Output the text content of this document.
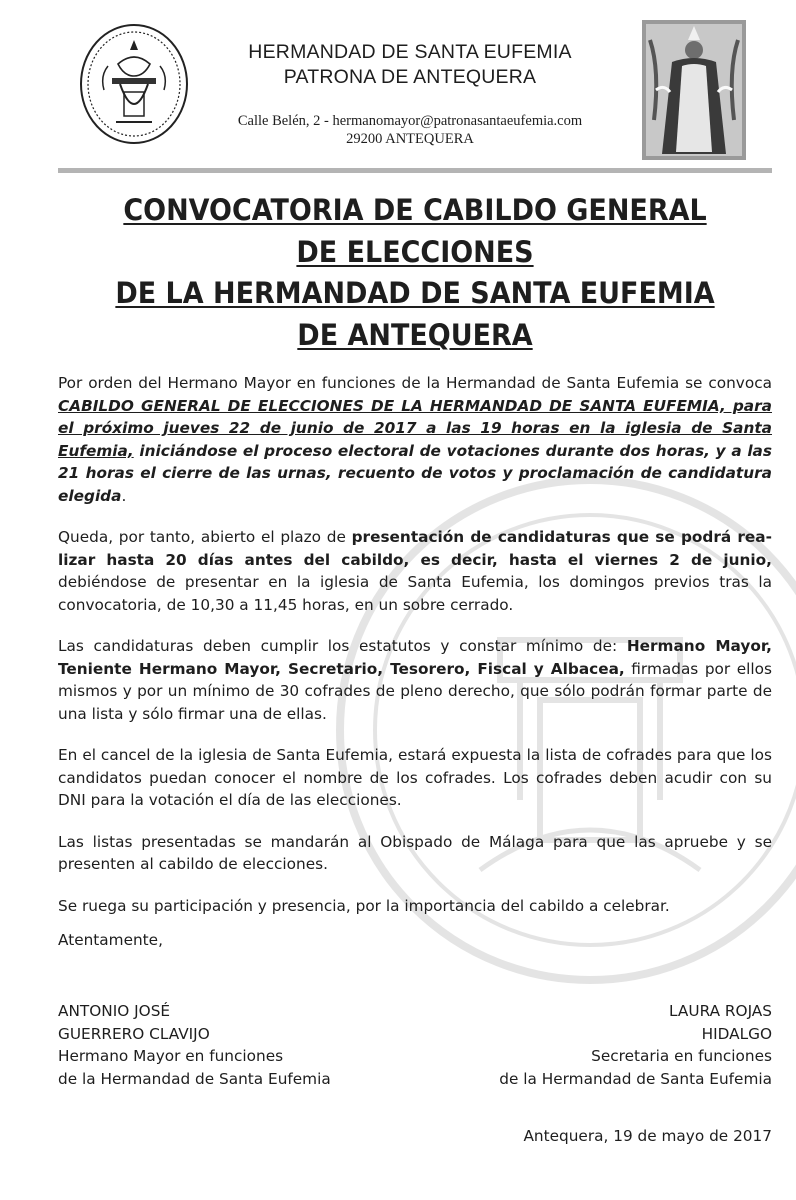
HERMANDAD DE SANTA EUFEMIA
PATRONA DE ANTEQUERA
Calle Belén, 2 - hermanomayor@patronasantaeufemia.com
29200 ANTEQUERA
CONVOCATORIA DE CABILDO GENERAL
DE ELECCIONES
DE LA HERMANDAD DE SANTA EUFEMIA
DE ANTEQUERA

Por orden del Hermano Mayor en funciones de la Hermandad de Santa Eufemia se convoca CABILDO GENERAL DE ELECCIONES DE LA HERMANDAD DE SANTA EUFEMIA, para el próximo jueves 22 de junio de 2017 a las 19 horas en la iglesia de Santa Eufemia, iniciándose el proceso electoral de votaciones durante dos horas, y a las 21 horas el cierre de las urnas, recuento de votos y proclamación de candidatura elegida.

Queda, por tanto, abierto el plazo de presentación de candidaturas que se podrá realizar hasta 20 días antes del cabildo, es decir, hasta el viernes 2 de junio, debiéndose de presentar en la iglesia de Santa Eufemia, los domingos previos tras la convocatoria, de 10,30 a 11,45 horas, en un sobre cerrado.

Las candidaturas deben cumplir los estatutos y constar mínimo de: Hermano Mayor, Teniente Hermano Mayor, Secretario, Tesorero, Fiscal y Albacea, firmadas por ellos mismos y por un mínimo de 30 cofrades de pleno derecho, que sólo podrán formar parte de una lista y sólo firmar una de ellas.

En el cancel de la iglesia de Santa Eufemia, estará expuesta la lista de cofrades para que los candidatos puedan conocer el nombre de los cofrades. Los cofrades deben acudir con su DNI para la votación el día de las elecciones.

Las listas presentadas se mandarán al Obispado de Málaga para que las apruebe y se presenten al cabildo de elecciones.

Se ruega su participación y presencia, por la importancia del cabildo a celebrar.

Atentamente,
ANTONIO JOSÉ
GUERRERO CLAVIJO
Hermano Mayor en funciones
de la Hermandad de Santa Eufemia
LAURA ROJAS
HIDALGO
Secretaria en funciones
de la Hermandad de Santa Eufemia
Antequera, 19 de mayo de 2017
